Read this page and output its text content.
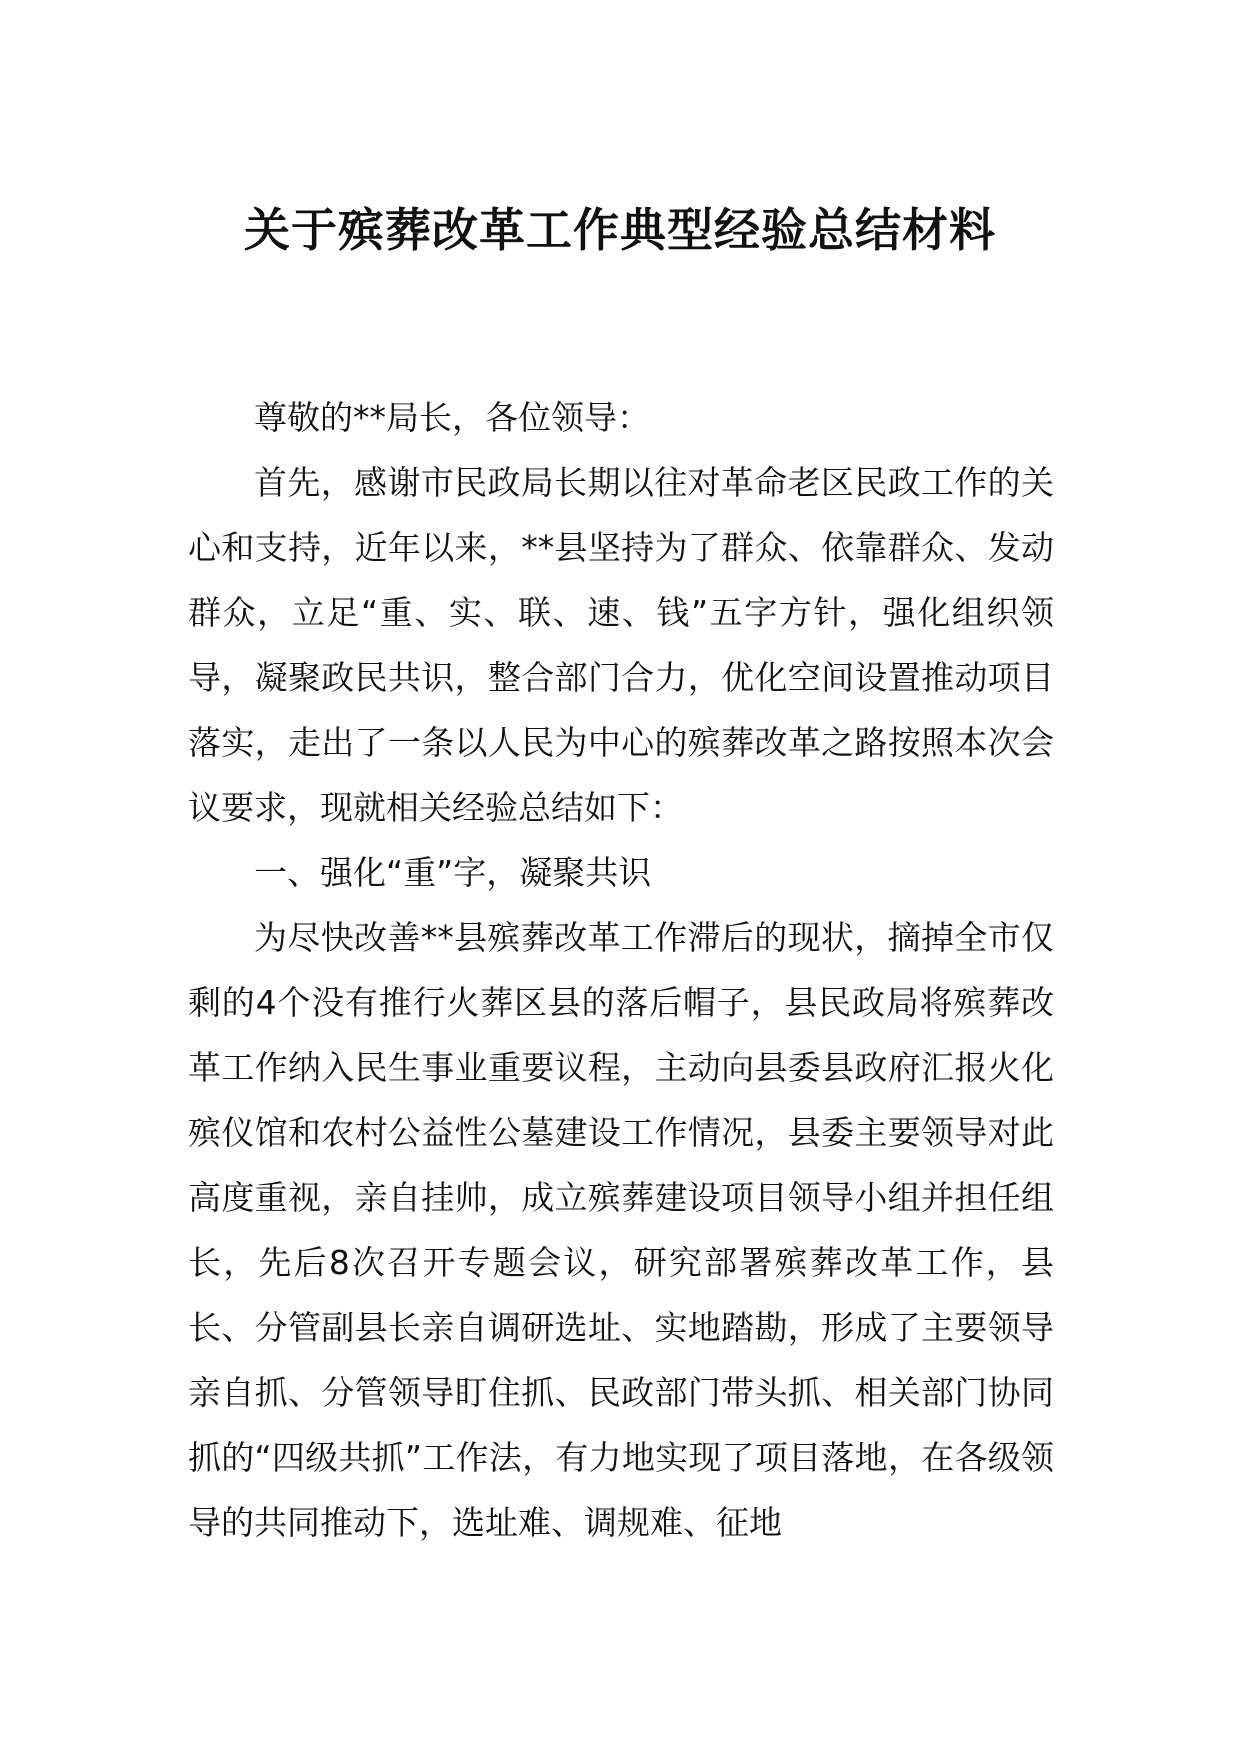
关于殡葬改革工作典型经验总结材料

尊敬的**局长，各位领导：

首先，感谢市民政局长期以往对革命老区民政工作的关心和支持，近年以来，**县坚持为了群众、依靠群众、发动群众，立足“重、实、联、速、钱”五字方针，强化组织领导，凝聚政民共识，整合部门合力，优化空间设置推动项目落实，走出了一条以人民为中心的殡葬改革之路按照本次会议要求，现就相关经验总结如下：

一、强化“重”字，凝聚共识

为尽快改善**县殡葬改革工作滞后的现状，摘掉全市仅剩的4个没有推行火葬区县的落后帽子，县民政局将殡葬改革工作纳入民生事业重要议程，主动向县委县政府汇报火化殡仪馆和农村公益性公墓建设工作情况，县委主要领导对此高度重视，亲自挂帅，成立殡葬建设项目领导小组并担任组长，先后8次召开专题会议，研究部署殡葬改革工作，县长、分管副县长亲自调研选址、实地踏勘，形成了主要领导亲自抓、分管领导盯住抓、民政部门带头抓、相关部门协同抓的“四级共抓”工作法，有力地实现了项目落地，在各级领导的共同推动下，选址难、调规难、征地
